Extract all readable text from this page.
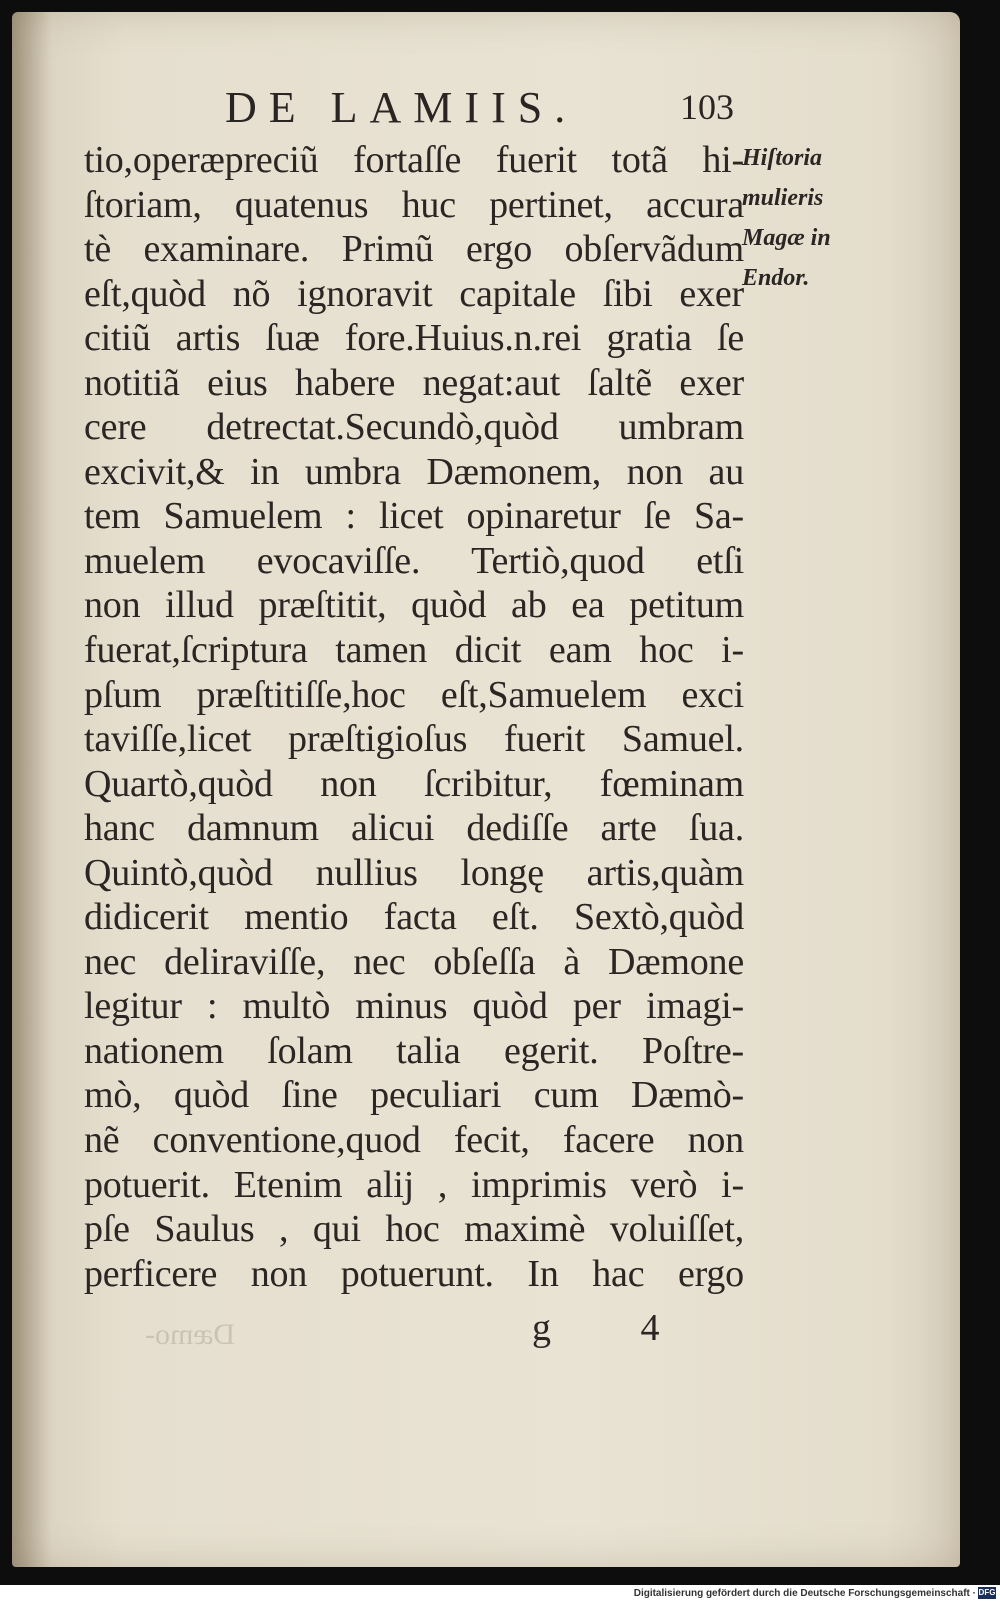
DE LAMIIS.	103
tio,operæpreciũ fortaſſe fuerit totã hi-
ſtoriam, quatenus huc pertinet, accura
tè examinare. Primũ ergo obſervãdum
eſt,quòd nõ ignoravit capitale ſibi exer
citiũ artis ſuæ fore.Huius.n.rei gratia ſe
notitiã eius habere negat:aut ſaltẽ exer
cere detrectat.Secundò,quòd umbram
excivit,& in umbra Dæmonem, non au
tem Samuelem : licet opinaretur ſe Sa-
muelem evocaviſſe. Tertiò,quod etſi
non illud præſtitit, quòd ab ea petitum
fuerat,ſcriptura tamen dicit eam hoc i-
pſum præſtitiſſe,hoc eſt,Samuelem exci
taviſſe,licet præſtigioſus fuerit Samuel.
Quartò,quòd non ſcribitur, fœminam
hanc damnum alicui dediſſe arte ſua.
Quintò,quòd nullius longę artis,quàm
didicerit mentio facta eſt. Sextò,quòd
nec deliraviſſe, nec obſeſſa à Dæmone
legitur : multò minus quòd per imagi-
nationem ſolam talia egerit. Poſtre-
mò, quòd ſine peculiari cum Dæmò-
nẽ conventione,quod fecit, facere non
potuerit. Etenim alij , imprimis verò i-
pſe Saulus , qui hoc maximè voluiſſet,
perficere non potuerunt. In hac ergo
Hiſtoria
mulieris
Magæ in
Endor.
Dæmo-	g 4
Digitalisierung gefördert durch die Deutsche Forschungsgemeinschaft · DFG
